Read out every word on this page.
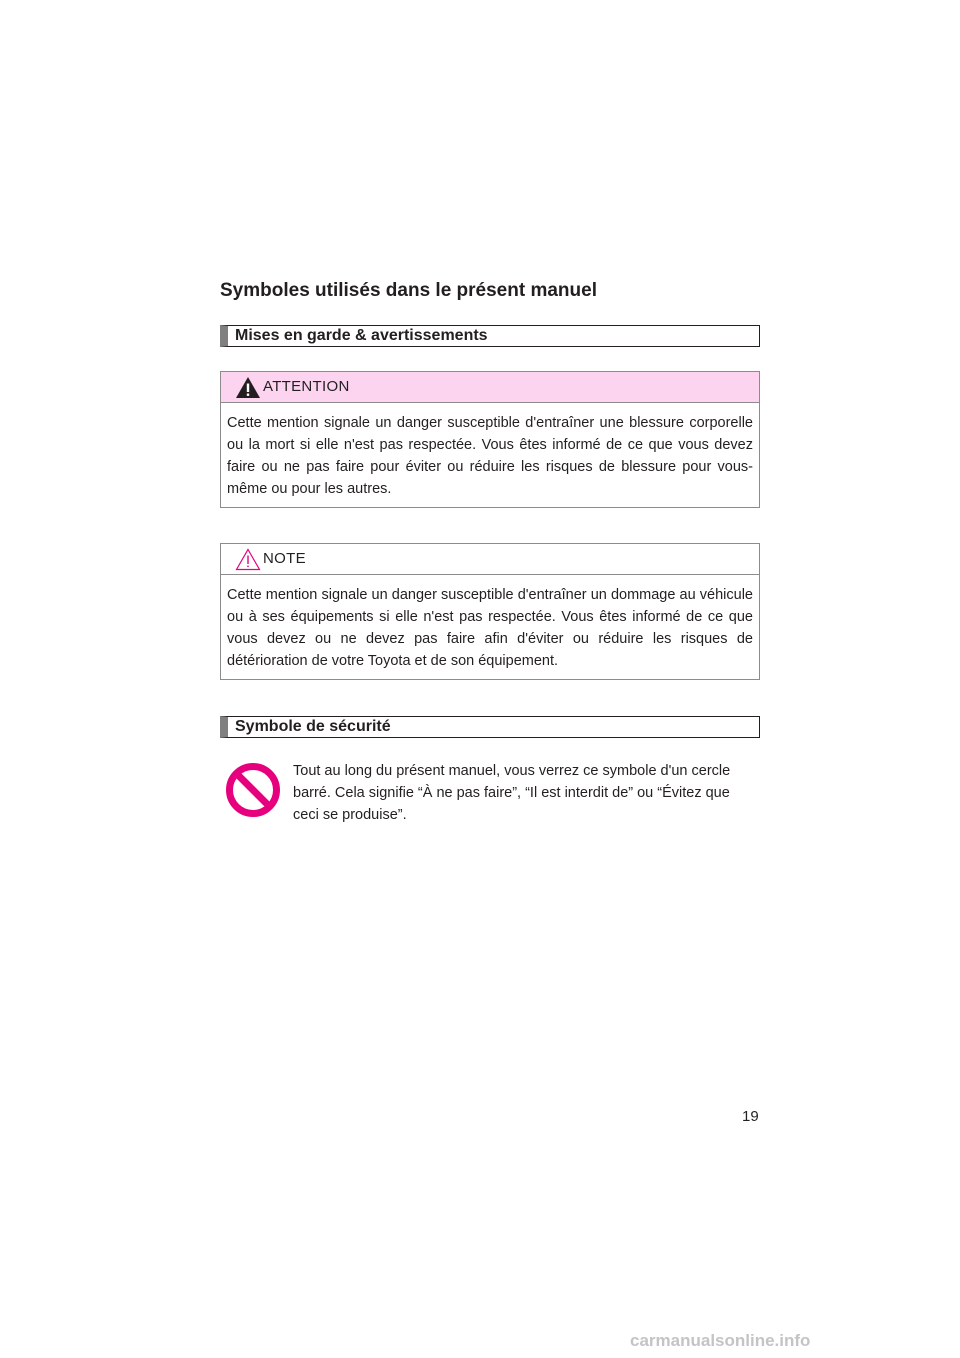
Symboles utilisés dans le présent manuel
Mises en garde & avertissements
ATTENTION
Cette mention signale un danger susceptible d'entraîner une blessure corporelle ou la mort si elle n'est pas respectée. Vous êtes informé de ce que vous devez faire ou ne pas faire pour éviter ou réduire les risques de blessure pour vous-même ou pour les autres.
NOTE
Cette mention signale un danger susceptible d'entraîner un dommage au véhicule ou à ses équipements si elle n'est pas respectée. Vous êtes informé de ce que vous devez ou ne devez pas faire afin d'éviter ou réduire les risques de détérioration de votre Toyota et de son équipement.
Symbole de sécurité
Tout au long du présent manuel, vous verrez ce symbole d'un cercle barré. Cela signifie “À ne pas faire”, “Il est interdit de” ou “Évitez que ceci se produise”.
19
carmanualsonline.info
